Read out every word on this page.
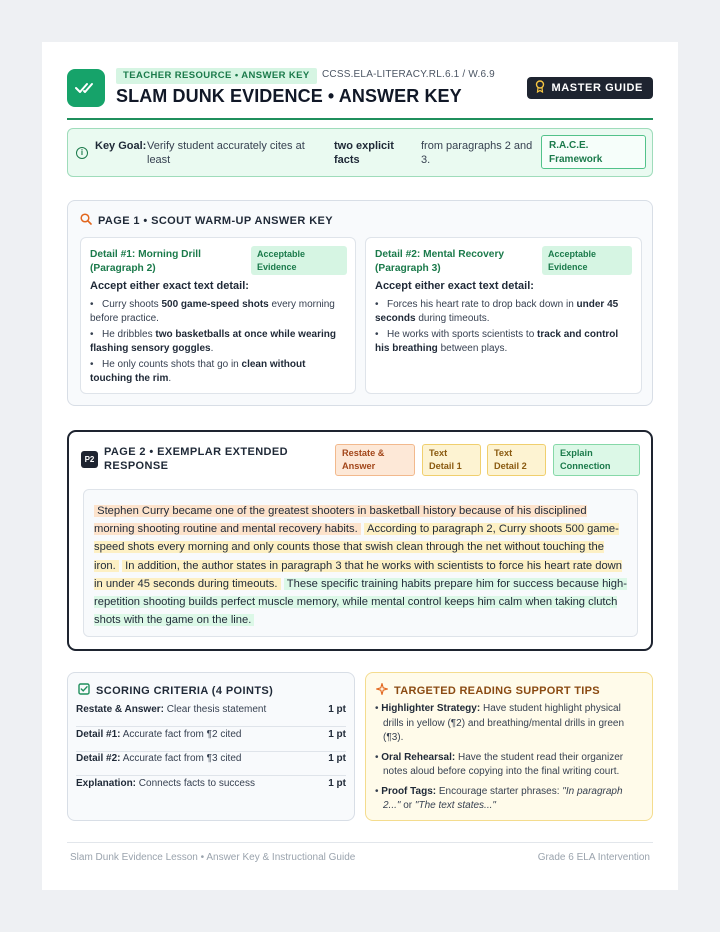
TEACHER RESOURCE • ANSWER KEY	CCSS.ELA-LITERACY.RL.6.1 / W.6.9
SLAM DUNK EVIDENCE • ANSWER KEY	MASTER GUIDE
i
Key Goal: Verify student accurately cites at least
two explicit facts
from paragraphs 2 and 3.
R.A.C.E. Framework
PAGE 1 • SCOUT WARM-UP ANSWER KEY
Detail #1: Morning Drill (Paragraph 2)
Acceptable Evidence
Accept either exact text detail:
• Curry shoots 500 game-speed shots every morning before practice.
• He dribbles two basketballs at once while wearing flashing sensory goggles.
• He only counts shots that go in clean without touching the rim.
Detail #2: Mental Recovery (Paragraph 3)
Acceptable Evidence
Accept either exact text detail:
• Forces his heart rate to drop back down in under 45 seconds during timeouts.
• He works with sports scientists to track and control his breathing between plays.
P2
PAGE 2 • EXEMPLAR EXTENDED RESPONSE
Restate & Answer
Text Detail 1
Text Detail 2
Explain Connection
Stephen Curry became one of the greatest shooters in basketball history because of his disciplined morning shooting routine and mental recovery habits. According to paragraph 2, Curry shoots 500 game-speed shots every morning and only counts those that swish clean through the net without touching the iron. In addition, the author states in paragraph 3 that he works with scientists to force his heart rate down in under 45 seconds during timeouts. These specific training habits prepare him for success because high-repetition shooting builds perfect muscle memory, while mental control keeps him calm when taking clutch shots with the game on the line.
SCORING CRITERIA (4 POINTS)
Restate & Answer: Clear thesis statement	1 pt
Detail #1: Accurate fact from ¶2 cited	1 pt
Detail #2: Accurate fact from ¶3 cited	1 pt
Explanation: Connects facts to success	1 pt
TARGETED READING SUPPORT TIPS
• Highlighter Strategy: Have student highlight physical drills in yellow (¶2) and breathing/mental drills in green (¶3).
• Oral Rehearsal: Have the student read their organizer notes aloud before copying into the final writing court.
• Proof Tags: Encourage starter phrases: "In paragraph 2..." or "The text states..."
Slam Dunk Evidence Lesson • Answer Key & Instructional Guide	Grade 6 ELA Intervention
